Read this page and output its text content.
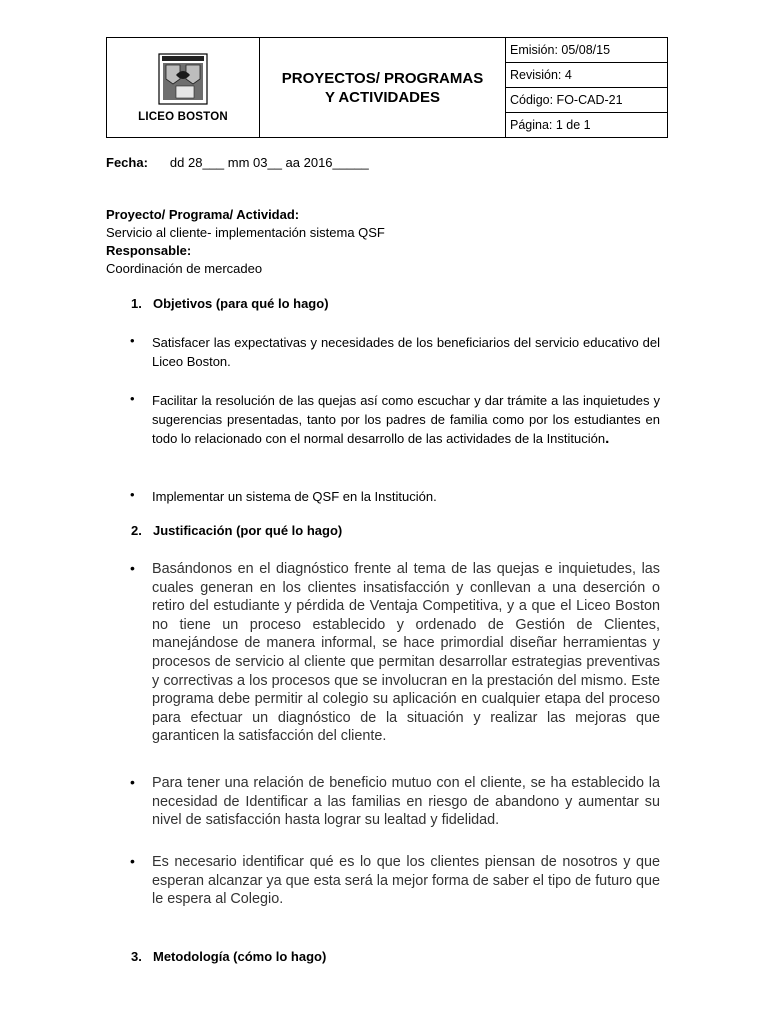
LICEO BOSTON

PROYECTOS/ PROGRAMAS
Y ACTIVIDADES
	Emisión: 05/08/15
Revisión: 4
Código: FO-CAD-21
Página: 1 de 1
Fecha: dd 28___ mm 03__ aa 2016_____
Proyecto/ Programa/ Actividad:
Servicio al cliente- implementación sistema QSF
Responsable:
Coordinación de mercadeo
1. Objetivos (para qué lo hago)
• Satisfacer las expectativas y necesidades de los beneficiarios del servicio educativo del Liceo Boston.
• Facilitar la resolución de las quejas así como escuchar y dar trámite a las inquietudes y sugerencias presentadas, tanto por los padres de familia como por los estudiantes en todo lo relacionado con el normal desarrollo de las actividades de la Institución.
• Implementar un sistema de QSF en la Institución.
2. Justificación (por qué lo hago)
• Basándonos en el diagnóstico frente al tema de las quejas e inquietudes, las cuales generan en los clientes insatisfacción y conllevan a una deserción o retiro del estudiante y pérdida de Ventaja Competitiva, y a que el Liceo Boston no tiene un proceso establecido y ordenado de Gestión de Clientes, manejándose de manera informal, se hace primordial diseñar herramientas y procesos de servicio al cliente que permitan desarrollar estrategias preventivas y correctivas a los procesos que se involucran en la prestación del mismo. Este programa debe permitir al colegio su aplicación en cualquier etapa del proceso para efectuar un diagnóstico de la situación y realizar las mejoras que garanticen la satisfacción del cliente.
• Para tener una relación de beneficio mutuo con el cliente, se ha establecido la necesidad de Identificar a las familias en riesgo de abandono y aumentar su nivel de satisfacción hasta lograr su lealtad y fidelidad.
• Es necesario identificar qué es lo que los clientes piensan de nosotros y que esperan alcanzar ya que esta será la mejor forma de saber el tipo de futuro que le espera al Colegio.
3. Metodología (cómo lo hago)
